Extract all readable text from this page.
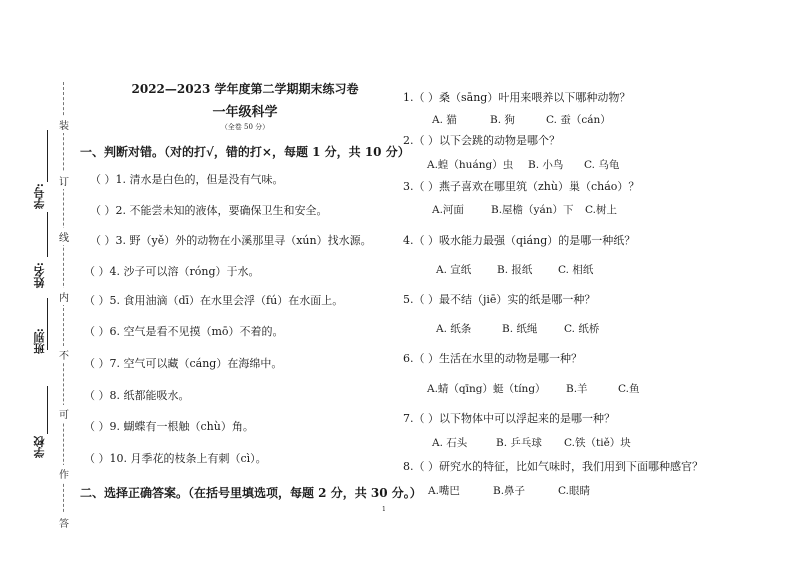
装
订
线
内
不
可
作
答
学号:
姓名:
班别:
学校
2022—2023 学年度第二学期期末练习卷
一年级科学
（全卷 50 分）
一、判断对错。（对的打√，错的打×，每题 1 分，共 10 分）
（ ）1. 清水是白色的，但是没有气味。
（ ）2. 不能尝未知的液体，要确保卫生和安全。
（ ）3. 野（yě）外的动物在小溪那里寻（xún）找水源。
（ ）4. 沙子可以溶（róng）于水。
（ ）5. 食用油滴（dī）在水里会浮（fú）在水面上。
（ ）6. 空气是看不见摸（mō）不着的。
（ ）7. 空气可以藏（cáng）在海绵中。
（ ）8. 纸都能吸水。
（ ）9. 蝴蝶有一根触（chù）角。
（ ）10. 月季花的枝条上有刺（cì）。
二、选择正确答案。（在括号里填选项，每题 2 分，共 30 分。）
1.（ ）桑（sāng）叶用来喂养以下哪种动物？
A. 猫	B. 狗	C. 蚕（cán）
2.（ ）以下会跳的动物是哪个？
A.蝗（huáng）虫 B. 小鸟 C. 乌龟
3.（ ）燕子喜欢在哪里筑（zhù）巢（cháo）？
A.河面	B.屋檐（yán）下 C.树上
4.（ ）吸水能力最强（qiáng）的是哪一种纸？
A. 宣纸 B. 报纸 C. 相纸
5.（ ）最不结（jiē）实的纸是哪一种？
A. 纸条	B. 纸绳	C. 纸桥
6.（ ）生活在水里的动物是哪一种？
A.蜻（qīng）蜓（tíng） B.羊	C.鱼
7.（ ）以下物体中可以浮起来的是哪一种？
A. 石头	B. 乒乓球 C.铁（tiě）块
8.（ ）研究水的特征，比如气味时，我们用到下面哪种感官？
A.嘴巴	B.鼻子	C.眼睛
1
